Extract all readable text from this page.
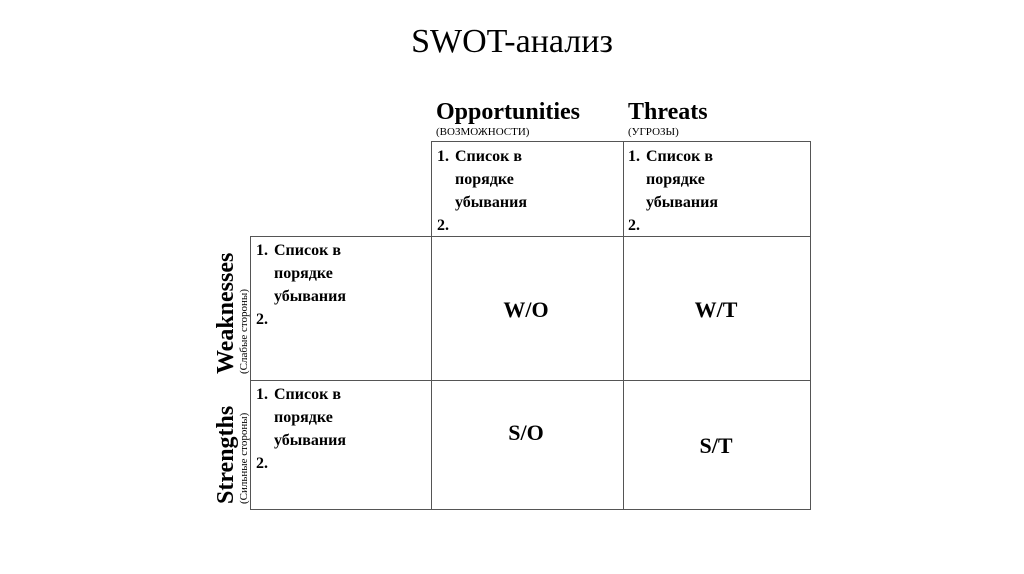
SWOT-анализ
Opportunities
(ВОЗМОЖНОСТИ)
Threats
(УГРОЗЫ)
Weaknesses (Слабые стороны)
Strengths (Сильные стороны)
1. Список в
порядке
убывания
2.
1. Список в
порядке
убывания
2.
1. Список в
порядке
убывания
2.
1. Список в
порядке
убывания
2.
W/O	W/T
S/O
S/T
